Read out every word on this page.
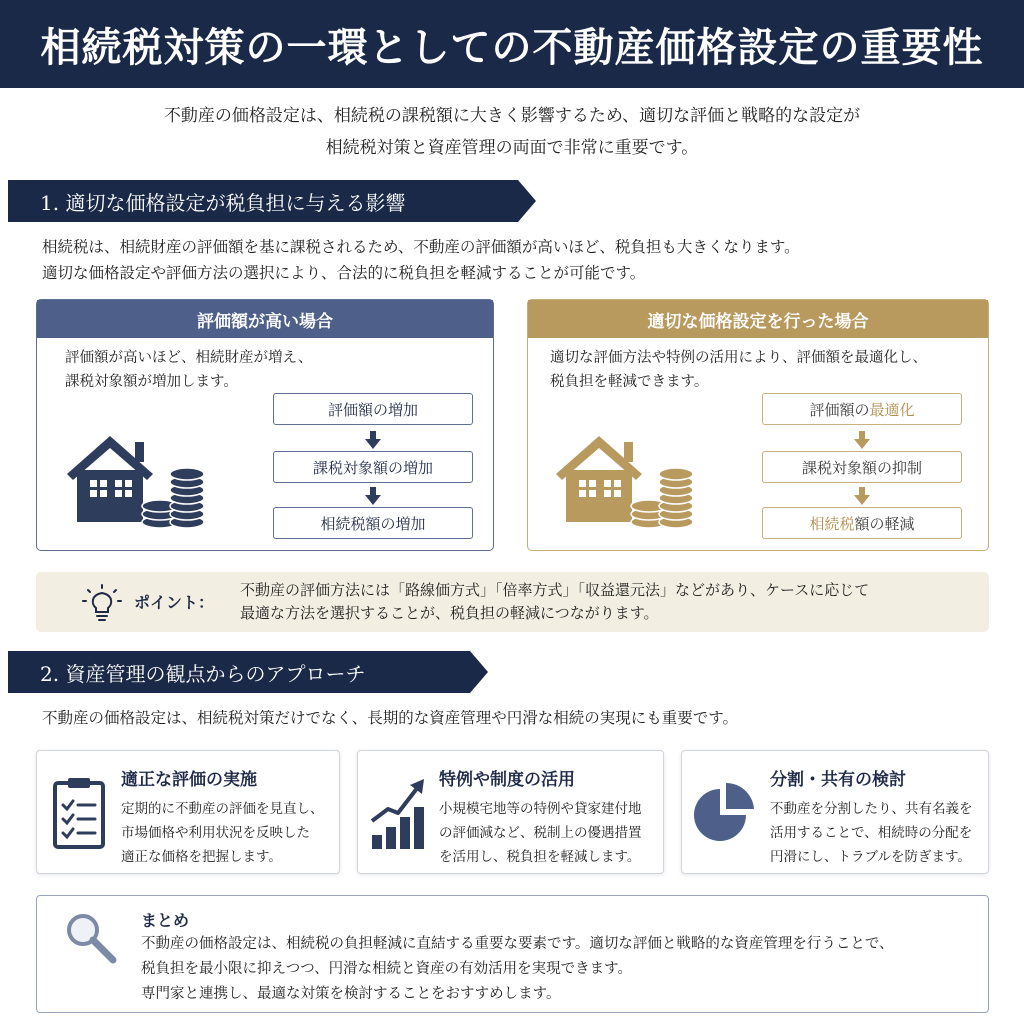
相続税対策の一環としての不動産価格設定の重要性
不動産の価格設定は、相続税の課税額に大きく影響するため、適切な評価と戦略的な設定が
相続税対策と資産管理の両面で非常に重要です。
1. 適切な価格設定が税負担に与える影響
相続税は、相続財産の評価額を基に課税されるため、不動産の評価額が高いほど、税負担も大きくなります。
適切な価格設定や評価方法の選択により、合法的に税負担を軽減することが可能です。
評価額が高い場合
評価額が高いほど、相続財産が増え、
課税対象額が増加します。
評価額の増加
課税対象額の増加
相続税額の増加
適切な価格設定を行った場合
適切な評価方法や特例の活用により、評価額を最適化し、
税負担を軽減できます。
評価額の 最適化
課税対象額の抑制
相続税 額の軽減
ポイント：
不動産の評価方法には「路線価方式」「倍率方式」「収益還元法」などがあり、ケースに応じて
最適な方法を選択することが、税負担の軽減につながります。
2. 資産管理の観点からのアプローチ
不動産の価格設定は、相続税対策だけでなく、長期的な資産管理や円滑な相続の実現にも重要です。
適正な評価の実施
定期的に不動産の評価を見直し、
市場価格や利用状況を反映した
適正な価格を把握します。
特例や制度の活用
小規模宅地等の特例や貸家建付地
の評価減など、税制上の優遇措置
を活用し、税負担を軽減します。
分割・共有の検討
不動産を分割したり、共有名義を
活用することで、相続時の分配を
円滑にし、トラブルを防ぎます。
まとめ
不動産の価格設定は、相続税の負担軽減に直結する重要な要素です。適切な評価と戦略的な資産管理を行うことで、
税負担を最小限に抑えつつ、円滑な相続と資産の有効活用を実現できます。
専門家と連携し、最適な対策を検討することをおすすめします。
